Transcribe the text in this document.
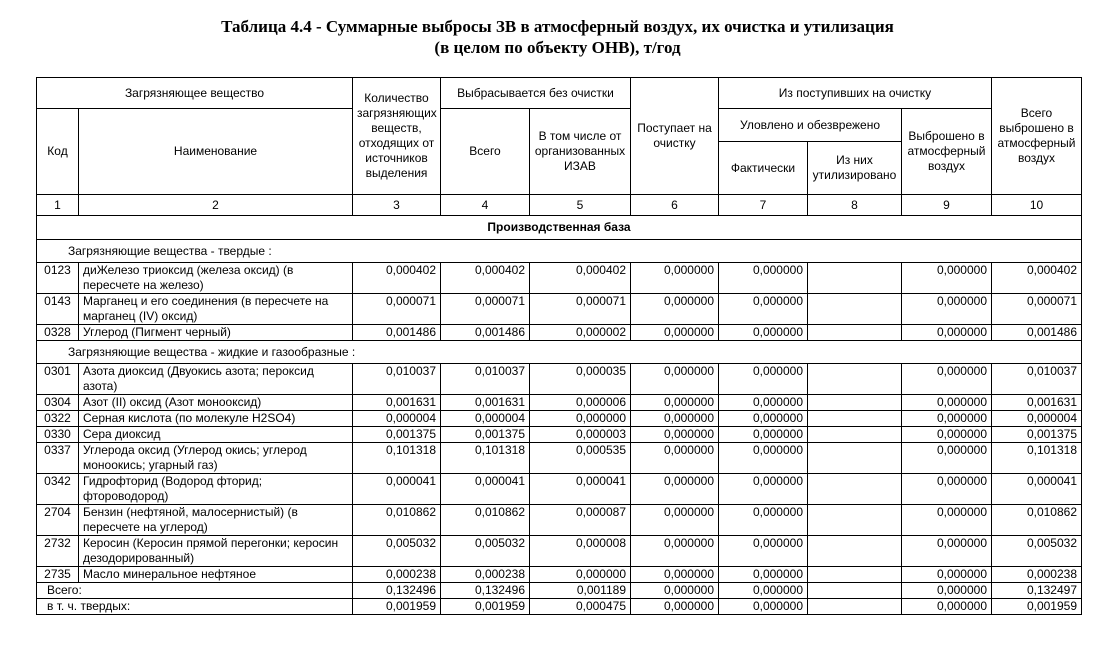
Таблица 4.4 - Суммарные выбросы ЗВ в атмосферный воздух, их очистка и утилизация
(в целом по объекту ОНВ), т/год
Загрязняющее вещество		Количество загрязняющих веществ, отходящих от источников выделения	Выбрасывается без очистки		Поступает на очистку	Из поступивших на очистку			Всего выброшено в атмосферный воздух
Код	Наименование		Всего	В том числе от организованных ИЗАВ		Уловлено и обезврежено		Выброшено в атмосферный воздух	
						Фактически	Из них утилизировано		
1	2	3	4	5	6	7	8	9	10
Производственная база									
Загрязняющие вещества - твердые :									
0123	диЖелезо триоксид (железа оксид) (в пересчете на железо)	0,000402	0,000402	0,000402	0,000000	0,000000		0,000000	0,000402
0143	Марганец и его соединения (в пересчете на марганец (IV) оксид)	0,000071	0,000071	0,000071	0,000000	0,000000		0,000000	0,000071
0328	Углерод (Пигмент черный)	0,001486	0,001486	0,000002	0,000000	0,000000		0,000000	0,001486
Загрязняющие вещества - жидкие и газообразные :									
0301	Азота диоксид (Двуокись азота; пероксид азота)	0,010037	0,010037	0,000035	0,000000	0,000000		0,000000	0,010037
0304	Азот (II) оксид (Азот монооксид)	0,001631	0,001631	0,000006	0,000000	0,000000		0,000000	0,001631
0322	Серная кислота (по молекуле H2SO4)	0,000004	0,000004	0,000000	0,000000	0,000000		0,000000	0,000004
0330	Сера диоксид	0,001375	0,001375	0,000003	0,000000	0,000000		0,000000	0,001375
0337	Углерода оксид (Углерод окись; углерод моноокись; угарный газ)	0,101318	0,101318	0,000535	0,000000	0,000000		0,000000	0,101318
0342	Гидрофторид (Водород фторид; фтороводород)	0,000041	0,000041	0,000041	0,000000	0,000000		0,000000	0,000041
2704	Бензин (нефтяной, малосернистый) (в пересчете на углерод)	0,010862	0,010862	0,000087	0,000000	0,000000		0,000000	0,010862
2732	Керосин (Керосин прямой перегонки; керосин дезодорированный)	0,005032	0,005032	0,000008	0,000000	0,000000		0,000000	0,005032
2735	Масло минеральное нефтяное	0,000238	0,000238	0,000000	0,000000	0,000000		0,000000	0,000238
Всего:		0,132496	0,132496	0,001189	0,000000	0,000000		0,000000	0,132497
в т. ч. твердых:		0,001959	0,001959	0,000475	0,000000	0,000000		0,000000	0,001959
